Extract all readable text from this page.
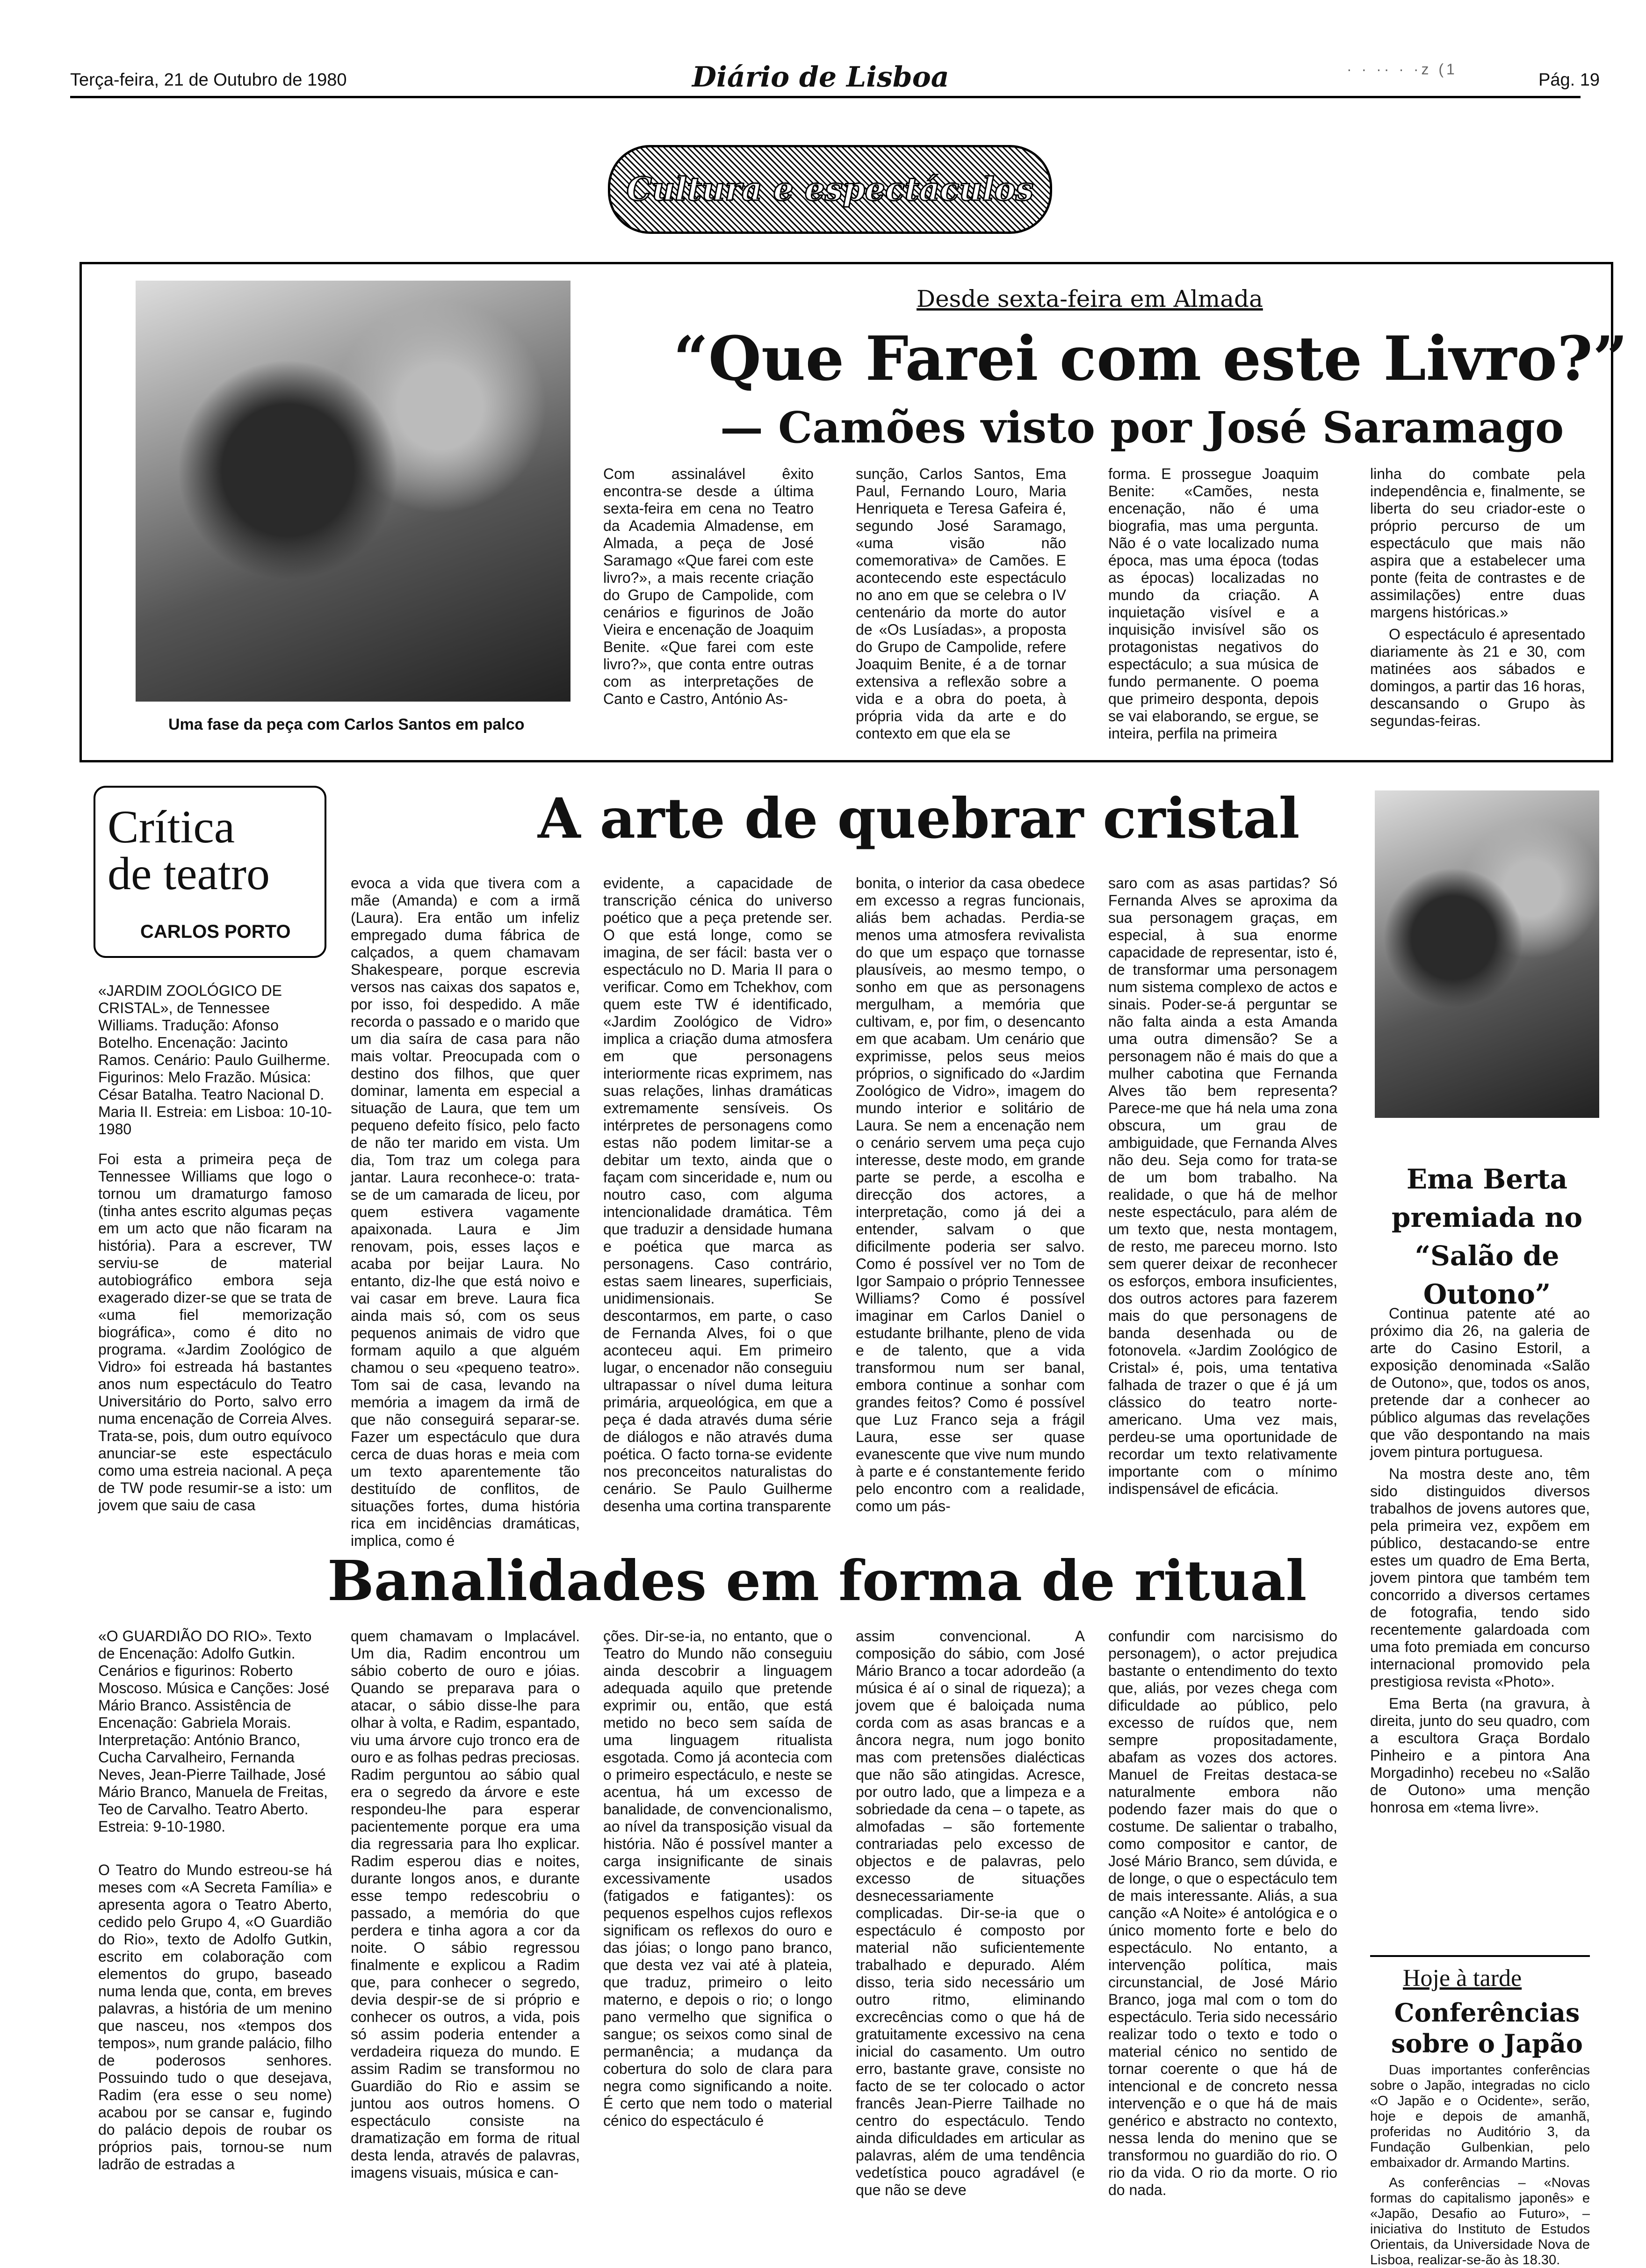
Terça-feira, 21 de Outubro de 1980	Diário de Lisboa	· · ·· · ·z (1
Pág. 19
Cultura e espectáculos
Uma fase da peça com Carlos Santos em palco
Desde sexta-feira em Almada
“Que Farei com este Livro?”
— Camões visto por José Saramago
Com assinalável êxito encontra-se desde a última sexta-feira em cena no Teatro da Academia Almadense, em Almada, a peça de José Saramago «Que farei com este livro?», a mais recente criação do Grupo de Campolide, com cenários e figurinos de João Vieira e encenação de Joaquim Benite. «Que farei com este livro?», que conta entre outras com as interpretações de Canto e Castro, António As-
sunção, Carlos Santos, Ema Paul, Fernando Louro, Maria Henriqueta e Teresa Gafeira é, segundo José Saramago, «uma visão não comemorativa» de Camões. E acontecendo este espectáculo no ano em que se celebra o IV centenário da morte do autor de «Os Lusíadas», a proposta do Grupo de Campolide, refere Joaquim Benite, é a de tornar extensiva a reflexão sobre a vida e a obra do poeta, à própria vida da arte e do contexto em que ela se
forma. E prossegue Joaquim Benite: «Camões, nesta encenação, não é uma biografia, mas uma pergunta. Não é o vate localizado numa época, mas uma época (todas as épocas) localizadas no mundo da criação. A inquietação visível e a inquisição invisível são os protagonistas negativos do espectáculo; a sua música de fundo permanente. O poema que primeiro desponta, depois se vai elaborando, se ergue, se inteira, perfila na primeira

linha do combate pela independência e, finalmente, se liberta do seu criador-este o próprio percurso de um espectáculo que mais não aspira que a estabelecer uma ponte (feita de contrastes e de assimilações) entre duas margens históricas.»

O espectáculo é apresentado diariamente às 21 e 30, com matinées aos sábados e domingos, a partir das 16 horas, descansando o Grupo às segundas-feiras.

Crítica
de teatro
CARLOS PORTO
A arte de quebrar cristal
«JARDIM ZOOLÓGICO DE CRISTAL», de Tennessee Williams. Tradução: Afonso Botelho. Encenação: Jacinto Ramos. Cenário: Paulo Guilherme. Figurinos: Melo Frazão. Música: César Batalha. Teatro Nacional D. Maria II. Estreia: em Lisboa: 10-10-1980
Foi esta a primeira peça de Tennessee Williams que logo o tornou um dramaturgo famoso (tinha antes escrito algumas peças em um acto que não ficaram na história). Para a escrever, TW serviu-se de material autobiográfico embora seja exagerado dizer-se que se trata de «uma fiel memorização biográfica», como é dito no programa. «Jardim Zoológico de Vidro» foi estreada há bastantes anos num espectáculo do Teatro Universitário do Porto, salvo erro numa encenação de Correia Alves. Trata-se, pois, dum outro equívoco anunciar-se este espectáculo como uma estreia nacional. A peça de TW pode resumir-se a isto: um jovem que saiu de casa
evoca a vida que tivera com a mãe (Amanda) e com a irmã (Laura). Era então um infeliz empregado duma fábrica de calçados, a quem chamavam Shakespeare, porque escrevia versos nas caixas dos sapatos e, por isso, foi despedido. A mãe recorda o passado e o marido que um dia saíra de casa para não mais voltar. Preocupada com o destino dos filhos, que quer dominar, lamenta em especial a situação de Laura, que tem um pequeno defeito físico, pelo facto de não ter marido em vista. Um dia, Tom traz um colega para jantar. Laura reconhece-o: trata-se de um camarada de liceu, por quem estivera vagamente apaixonada. Laura e Jim renovam, pois, esses laços e acaba por beijar Laura. No entanto, diz-lhe que está noivo e vai casar em breve. Laura fica ainda mais só, com os seus pequenos animais de vidro que formam aquilo a que alguém chamou o seu «pequeno teatro». Tom sai de casa, levando na memória a imagem da irmã de que não conseguirá separar-se. Fazer um espectáculo que dura cerca de duas horas e meia com um texto aparentemente tão destituído de conflitos, de situações fortes, duma história rica em incidências dramáticas, implica, como é
evidente, a capacidade de transcrição cénica do universo poético que a peça pretende ser. O que está longe, como se imagina, de ser fácil: basta ver o espectáculo no D. Maria II para o verificar. Como em Tchekhov, com quem este TW é identificado, «Jardim Zoológico de Vidro» implica a criação duma atmosfera em que personagens interiormente ricas exprimem, nas suas relações, linhas dramáticas extremamente sensíveis. Os intérpretes de personagens como estas não podem limitar-se a debitar um texto, ainda que o façam com sinceridade e, num ou noutro caso, com alguma intencionalidade dramática. Têm que traduzir a densidade humana e poética que marca as personagens. Caso contrário, estas saem lineares, superficiais, unidimensionais. Se descontarmos, em parte, o caso de Fernanda Alves, foi o que aconteceu aqui. Em primeiro lugar, o encenador não conseguiu ultrapassar o nível duma leitura primária, arqueológica, em que a peça é dada através duma série de diálogos e não através duma poética. O facto torna-se evidente nos preconceitos naturalistas do cenário. Se Paulo Guilherme desenha uma cortina transparente
bonita, o interior da casa obedece em excesso a regras funcionais, aliás bem achadas. Perdia-se menos uma atmosfera revivalista do que um espaço que tornasse plausíveis, ao mesmo tempo, o sonho em que as personagens mergulham, a memória que cultivam, e, por fim, o desencanto em que acabam. Um cenário que exprimisse, pelos seus meios próprios, o significado do «Jardim Zoológico de Vidro», imagem do mundo interior e solitário de Laura. Se nem a encenação nem o cenário servem uma peça cujo interesse, deste modo, em grande parte se perde, a escolha e direcção dos actores, a interpretação, como já dei a entender, salvam o que dificilmente poderia ser salvo. Como é possível ver no Tom de Igor Sampaio o próprio Tennessee Williams? Como é possível imaginar em Carlos Daniel o estudante brilhante, pleno de vida e de talento, que a vida transformou num ser banal, embora continue a sonhar com grandes feitos? Como é possível que Luz Franco seja a frágil Laura, esse ser quase evanescente que vive num mundo à parte e é constantemente ferido pelo encontro com a realidade, como um pás-
saro com as asas partidas? Só Fernanda Alves se aproxima da sua personagem graças, em especial, à sua enorme capacidade de representar, isto é, de transformar uma personagem num sistema complexo de actos e sinais. Poder-se-á perguntar se não falta ainda a esta Amanda uma outra dimensão? Se a personagem não é mais do que a mulher cabotina que Fernanda Alves tão bem representa? Parece-me que há nela uma zona obscura, um grau de ambiguidade, que Fernanda Alves não deu. Seja como for trata-se de um bom trabalho. Na realidade, o que há de melhor neste espectáculo, para além de um texto que, nesta montagem, de resto, me pareceu morno. Isto sem querer deixar de reconhecer os esforços, embora insuficientes, dos outros actores para fazerem mais do que personagens de banda desenhada ou de fotonovela. «Jardim Zoológico de Cristal» é, pois, uma tentativa falhada de trazer o que é já um clássico do teatro norte-americano. Uma vez mais, perdeu-se uma oportunidade de recordar um texto relativamente importante com o mínimo indispensável de eficácia.
Ema Berta premiada no “Salão de Outono”

Continua patente até ao próximo dia 26, na galeria de arte do Casino Estoril, a exposição denominada «Salão de Outono», que, todos os anos, pretende dar a conhecer ao público algumas das revelações que vão despontando na mais jovem pintura portuguesa.

Na mostra deste ano, têm sido distinguidos diversos trabalhos de jovens autores que, pela primeira vez, expõem em público, destacando-se entre estes um quadro de Ema Berta, jovem pintora que também tem concorrido a diversos certames de fotografia, tendo sido recentemente galardoada com uma foto premiada em concurso internacional promovido pela prestigiosa revista «Photo».

Ema Berta (na gravura, à direita, junto do seu quadro, com a escultora Graça Bordalo Pinheiro e a pintora Ana Morgadinho) recebeu no «Salão de Outono» uma menção honrosa em «tema livre».

Banalidades em forma de ritual
«O GUARDIÃO DO RIO». Texto de Encenação: Adolfo Gutkin. Cenários e figurinos: Roberto Moscoso. Música e Canções: José Mário Branco. Assistência de Encenação: Gabriela Morais. Interpretação: António Branco, Cucha Carvalheiro, Fernanda Neves, Jean-Pierre Tailhade, José Mário Branco, Manuela de Freitas, Teo de Carvalho. Teatro Aberto. Estreia: 9-10-1980.
O Teatro do Mundo estreou-se há meses com «A Secreta Família» e apresenta agora o Teatro Aberto, cedido pelo Grupo 4, «O Guardião do Rio», texto de Adolfo Gutkin, escrito em colaboração com elementos do grupo, baseado numa lenda que, conta, em breves palavras, a história de um menino que nasceu, nos «tempos dos tempos», num grande palácio, filho de poderosos senhores. Possuindo tudo o que desejava, Radim (era esse o seu nome) acabou por se cansar e, fugindo do palácio depois de roubar os próprios pais, tornou-se num ladrão de estradas a
quem chamavam o Implacável. Um dia, Radim encontrou um sábio coberto de ouro e jóias. Quando se preparava para o atacar, o sábio disse-lhe para olhar à volta, e Radim, espantado, viu uma árvore cujo tronco era de ouro e as folhas pedras preciosas. Radim perguntou ao sábio qual era o segredo da árvore e este respondeu-lhe para esperar pacientemente porque era uma dia regressaria para lho explicar. Radim esperou dias e noites, durante longos anos, e durante esse tempo redescobriu o passado, a memória do que perdera e tinha agora a cor da noite. O sábio regressou finalmente e explicou a Radim que, para conhecer o segredo, devia despir-se de si próprio e conhecer os outros, a vida, pois só assim poderia entender a verdadeira riqueza do mundo. E assim Radim se transformou no Guardião do Rio e assim se juntou aos outros homens. O espectáculo consiste na dramatização em forma de ritual desta lenda, através de palavras, imagens visuais, música e can-
ções. Dir-se-ia, no entanto, que o Teatro do Mundo não conseguiu ainda descobrir a linguagem adequada aquilo que pretende exprimir ou, então, que está metido no beco sem saída de uma linguagem ritualista esgotada. Como já acontecia com o primeiro espectáculo, e neste se acentua, há um excesso de banalidade, de convencionalismo, ao nível da transposição visual da história. Não é possível manter a carga insignificante de sinais excessivamente usados (fatigados e fatigantes): os pequenos espelhos cujos reflexos significam os reflexos do ouro e das jóias; o longo pano branco, que desta vez vai até à plateia, que traduz, primeiro o leito materno, e depois o rio; o longo pano vermelho que significa o sangue; os seixos como sinal de permanência; a mudança da cobertura do solo de clara para negra como significando a noite. É certo que nem todo o material cénico do espectáculo é
assim convencional. A composição do sábio, com José Mário Branco a tocar adordeão (a música é aí o sinal de riqueza); a jovem que é baloiçada numa corda com as asas brancas e a âncora negra, num jogo bonito mas com pretensões dialécticas que não são atingidas. Acresce, por outro lado, que a limpeza e a sobriedade da cena – o tapete, as almofadas – são fortemente contrariadas pelo excesso de objectos e de palavras, pelo excesso de situações desnecessariamente complicadas. Dir-se-ia que o espectáculo é composto por material não suficientemente trabalhado e depurado. Além disso, teria sido necessário um outro ritmo, eliminando excrecências como o que há de gratuitamente excessivo na cena inicial do casamento. Um outro erro, bastante grave, consiste no facto de se ter colocado o actor francês Jean-Pierre Tailhade no centro do espectáculo. Tendo ainda dificuldades em articular as palavras, além de uma tendência vedetística pouco agradável (e que não se deve
confundir com narcisismo do personagem), o actor prejudica bastante o entendimento do texto que, aliás, por vezes chega com dificuldade ao público, pelo excesso de ruídos que, nem sempre propositadamente, abafam as vozes dos actores. Manuel de Freitas destaca-se naturalmente embora não podendo fazer mais do que o costume. De salientar o trabalho, como compositor e cantor, de José Mário Branco, sem dúvida, e de longe, o que o espectáculo tem de mais interessante. Aliás, a sua canção «A Noite» é antológica e o único momento forte e belo do espectáculo. No entanto, a intervenção política, mais circunstancial, de José Mário Branco, joga mal com o tom do espectáculo. Teria sido necessário realizar todo o texto e todo o material cénico no sentido de tornar coerente o que há de intencional e de concreto nessa intervenção e o que há de mais genérico e abstracto no contexto, nessa lenda do menino que se transformou no guardião do rio. O rio da vida. O rio da morte. O rio do nada.
Hoje à tarde
Conferências sobre o Japão

Duas importantes conferências sobre o Japão, integradas no ciclo «O Japão e o Ocidente», serão, hoje e depois de amanhã, proferidas no Auditório 3, da Fundação Gulbenkian, pelo embaixador dr. Armando Martins.

As conferências – «Novas formas do capitalismo japonês» e «Japão, Desafio ao Futuro», – iniciativa do Instituto de Estudos Orientais, da Universidade Nova de Lisboa, realizar-se-ão às 18.30.
